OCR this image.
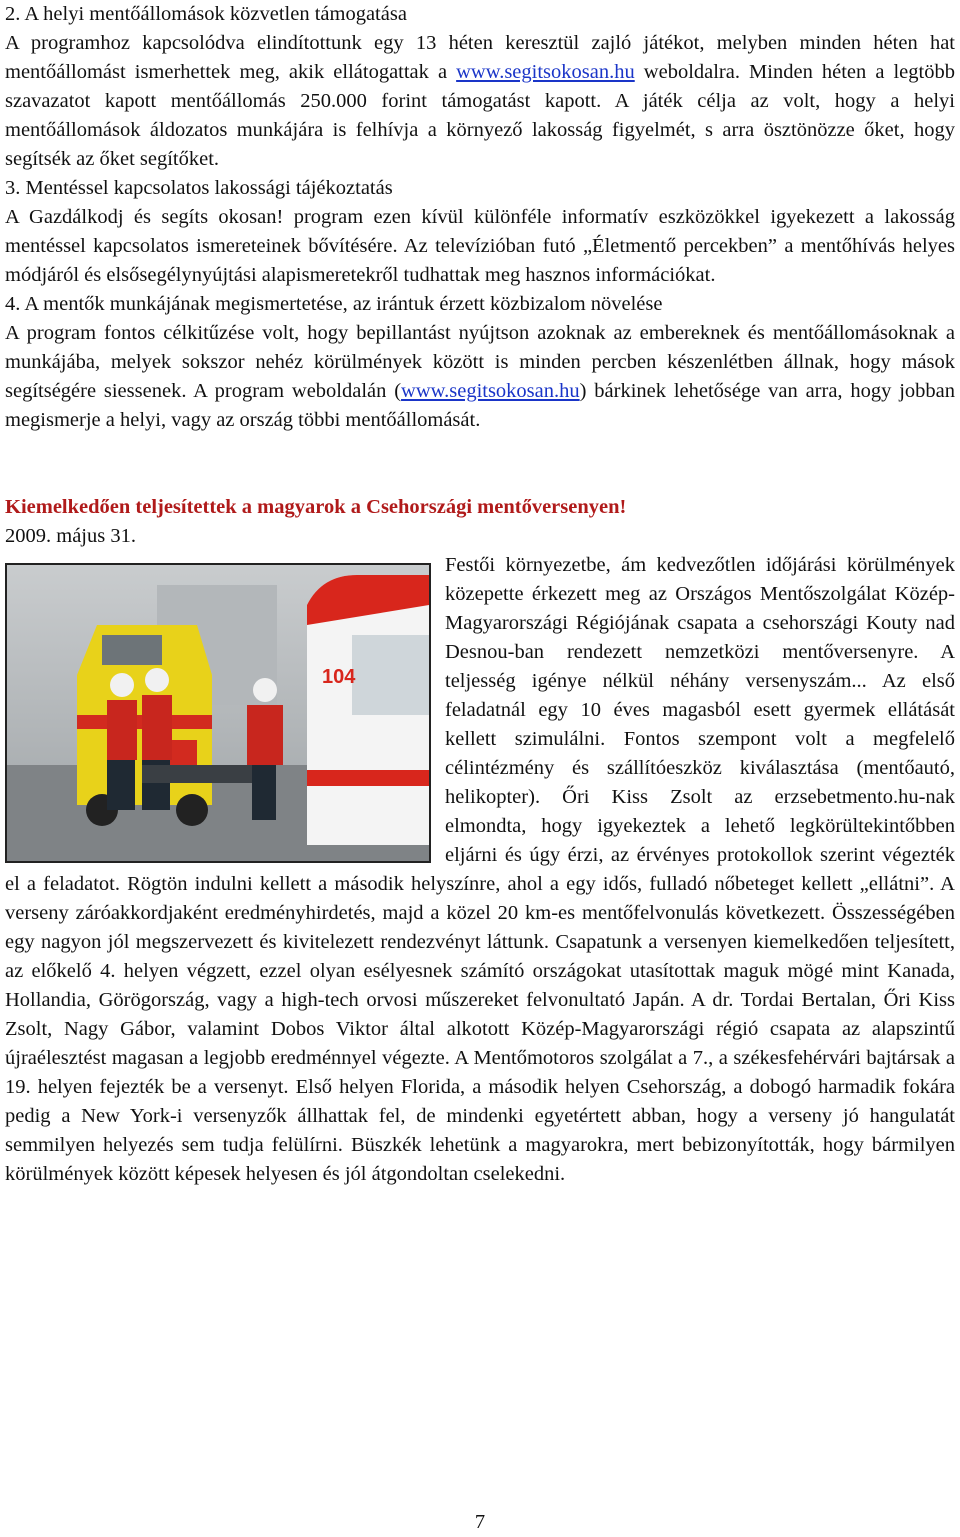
2. A helyi mentőállomások közvetlen támogatása

A programhoz kapcsolódva elindítottunk egy 13 héten keresztül zajló játékot, melyben minden héten hat mentőállomást ismerhettek meg, akik ellátogattak a www.segitsokosan.hu weboldalra. Minden héten a legtöbb szavazatot kapott mentőállomás 250.000 forint támogatást kapott. A játék célja az volt, hogy a helyi mentőállomások áldozatos munkájára is felhívja a környező lakosság figyelmét, s arra ösztönözze őket, hogy segítsék az őket segítőket.

3. Mentéssel kapcsolatos lakossági tájékoztatás

A Gazdálkodj és segíts okosan! program ezen kívül különféle informatív eszközökkel igyekezett a lakosság mentéssel kapcsolatos ismereteinek bővítésére. Az televízióban futó „Életmentő percekben” a mentőhívás helyes módjáról és elsősegélynyújtási alapismeretekről tudhattak meg hasznos információkat.

4. A mentők munkájának megismertetése, az irántuk érzett közbizalom növelése

A program fontos célkitűzése volt, hogy bepillantást nyújtson azoknak az embereknek és mentőállomásoknak a munkájába, melyek sokszor nehéz körülmények között is minden percben készenlétben állnak, hogy mások segítségére siessenek. A program weboldalán (www.segitsokosan.hu) bárkinek lehetősége van arra, hogy jobban megismerje a helyi, vagy az ország többi mentőállomását.

Kiemelkedően teljesítettek a magyarok a Csehországi mentőversenyen!

2009. május 31.

104

Festői környezetbe, ám kedvezőtlen időjárási körülmények közepette érkezett meg az Országos Mentőszolgálat Közép-Magyarországi Régiójának csapata a csehországi Kouty nad Desnou-ban rendezett nemzetközi mentőversenyre. A teljesség igénye nélkül néhány versenyszám... Az első feladatnál egy 10 éves magasból esett gyermek ellátását kellett szimulálni. Fontos szempont volt a megfelelő célintézmény és szállítóeszköz kiválasztása (mentőautó, helikopter). Őri Kiss Zsolt az erzsebetmento.hu-nak elmondta, hogy igyekeztek a lehető legkörültekintőbben eljárni és úgy érzi, az érvényes protokollok szerint végezték el a feladatot. Rögtön indulni kellett a második helyszínre, ahol a egy idős, fulladó nőbeteget kellett „ellátni”. A verseny záróakkordjaként eredményhirdetés, majd a közel 20 km-es mentőfelvonulás következett. Összességében egy nagyon jól megszervezett és kivitelezett rendezvényt láttunk. Csapatunk a versenyen kiemelkedően teljesített, az előkelő 4. helyen végzett, ezzel olyan esélyesnek számító országokat utasítottak maguk mögé mint Kanada, Hollandia, Görögország, vagy a high-tech orvosi műszereket felvonultató Japán. A dr. Tordai Bertalan, Őri Kiss Zsolt, Nagy Gábor, valamint Dobos Viktor által alkotott Közép-Magyarországi régió csapata az alapszintű újraélesztést magasan a legjobb eredménnyel végezte. A Mentőmotoros szolgálat a 7., a székesfehérvári bajtársak a 19. helyen fejezték be a versenyt. Első helyen Florida, a második helyen Csehország, a dobogó harmadik fokára pedig a New York-i versenyzők állhattak fel, de mindenki egyetértett abban, hogy a verseny jó hangulatát semmilyen helyezés sem tudja felülírni. Büszkék lehetünk a magyarokra, mert bebizonyították, hogy bármilyen körülmények között képesek helyesen és jól átgondoltan cselekedni.

7
